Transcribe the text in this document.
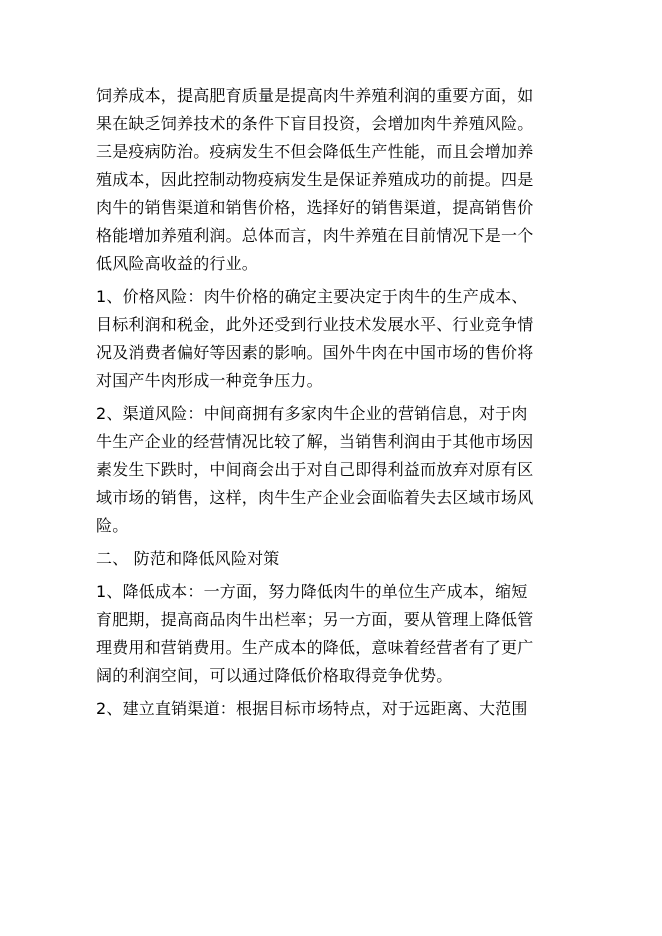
饲养成本，提高肥育质量是提高肉牛养殖利润的重要方面，如
果在缺乏饲养技术的条件下盲目投资，会增加肉牛养殖风险。
三是疫病防治。疫病发生不但会降低生产性能，而且会增加养
殖成本，因此控制动物疫病发生是保证养殖成功的前提。四是
肉牛的销售渠道和销售价格，选择好的销售渠道，提高销售价
格能增加养殖利润。总体而言，肉牛养殖在目前情况下是一个
低风险高收益的行业。
1、价格风险：肉牛价格的确定主要决定于肉牛的生产成本、
目标利润和税金，此外还受到行业技术发展水平、行业竞争情
况及消费者偏好等因素的影响。国外牛肉在中国市场的售价将
对国产牛肉形成一种竞争压力。
2、渠道风险：中间商拥有多家肉牛企业的营销信息，对于肉
牛生产企业的经营情况比较了解，当销售利润由于其他市场因
素发生下跌时，中间商会出于对自己即得利益而放弃对原有区
域市场的销售，这样，肉牛生产企业会面临着失去区域市场风
险。
二、 防范和降低风险对策
1、降低成本：一方面，努力降低肉牛的单位生产成本，缩短
育肥期，提高商品肉牛出栏率；另一方面，要从管理上降低管
理费用和营销费用。生产成本的降低，意味着经营者有了更广
阔的利润空间，可以通过降低价格取得竞争优势。
2、建立直销渠道：根据目标市场特点，对于远距离、大范围
